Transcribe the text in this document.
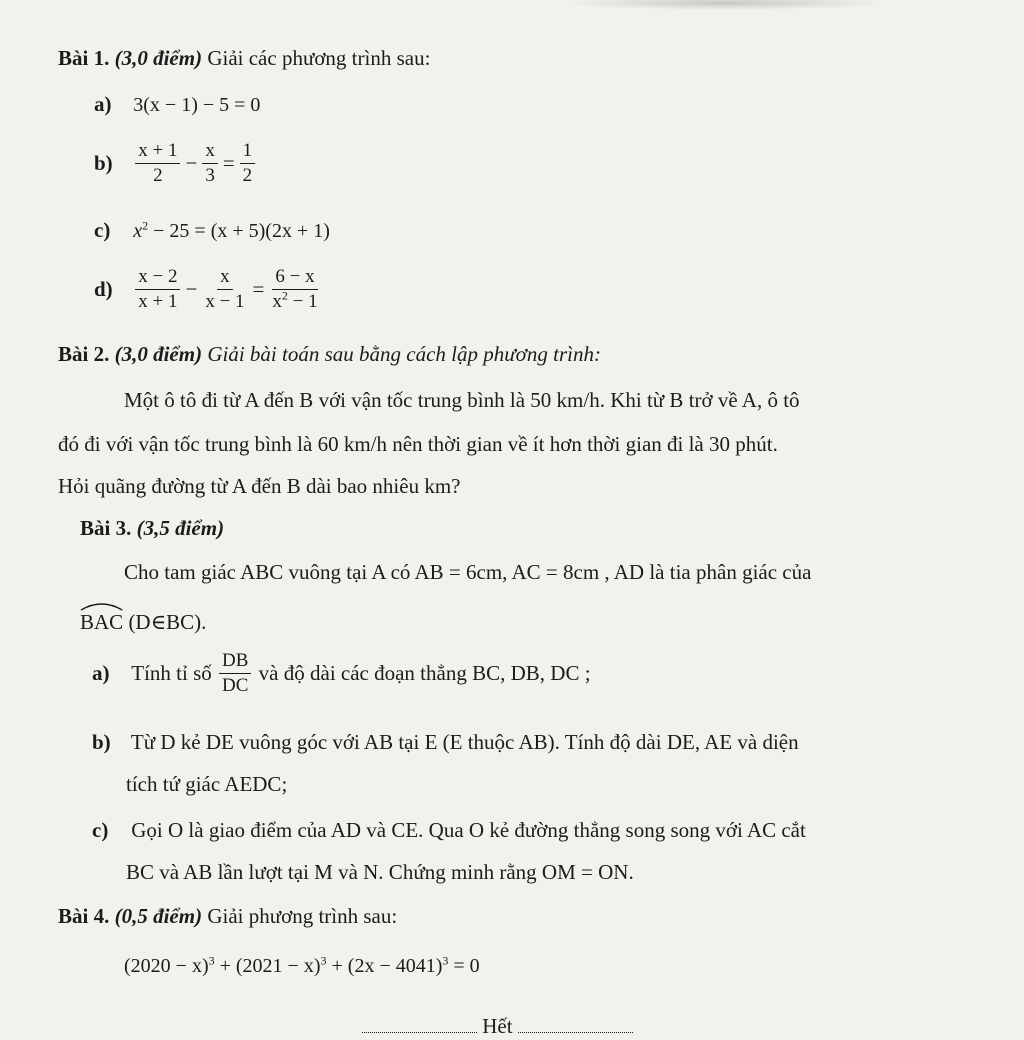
Bài 1. (3,0 điểm) Giải các phương trình sau:
a) 3(x − 1) − 5 = 0
$b) \frac{x + 1}{2} - \frac{x}{3} = \frac{1}{2}$
c) $x^2 - 25 = (x + 5)(2x + 1)$
$d) \frac{x - 2}{x + 1} - \frac{x}{x - 1} = \frac{6 - x}{x^2 - 1}$
Bài 2. (3,0 điểm) Giải bài toán sau bằng cách lập phương trình:
Một ô tô đi từ A đến B với vận tốc trung bình là 50 km/h. Khi từ B trở về A, ô tô
đó đi với vận tốc trung bình là 60 km/h nên thời gian về ít hơn thời gian đi là 30 phút.
Hỏi quãng đường từ A đến B dài bao nhiêu km?
Bài 3. (3,5 điểm)
Cho tam giác ABC vuông tại A có AB = 6cm, AC = 8cm , AD là tia phân giác của
BAC (D∈BC).
a) Tính tỉ số $\frac{DB}{DC}$ và độ dài các đoạn thẳng BC, DB, DC ;
b) Từ D kẻ DE vuông góc với AB tại E (E thuộc AB). Tính độ dài DE, AE và diện
tích tứ giác AEDC;
c) Gọi O là giao điểm của AD và CE. Qua O kẻ đường thẳng song song với AC cắt
BC và AB lần lượt tại M và N. Chứng minh rằng OM = ON.
Bài 4. (0,5 điểm) Giải phương trình sau:
$(2020 - x)^3 + (2021 - x)^3 + (2x - 4041)^3 = 0$
Hết
